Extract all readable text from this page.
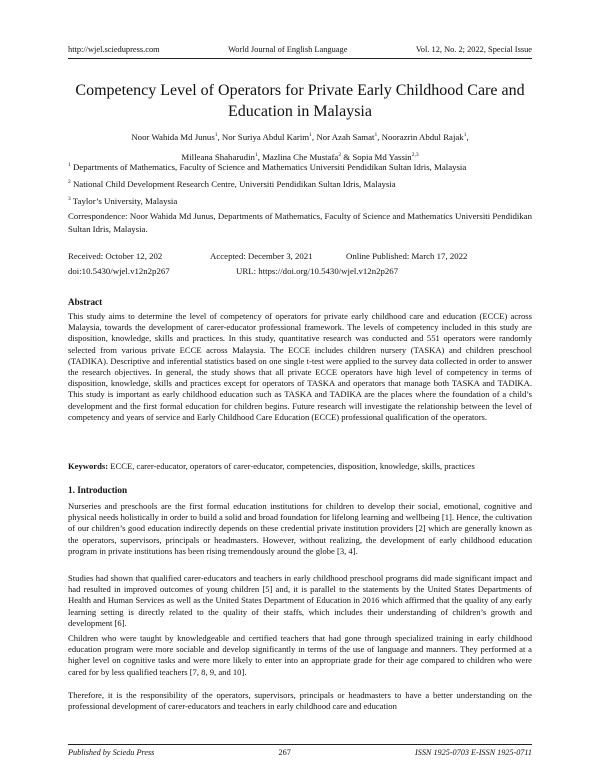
http://wjel.sciedupress.com	World Journal of English Language	Vol. 12, No. 2; 2022, Special Issue
Competency Level of Operators for Private Early Childhood Care and Education in Malaysia
Noor Wahida Md Junus$^1$, Nor Suriya Abdul Karim$^1$, Nor Azah Samat$^1$, Noorazrin Abdul Rajak$^1$,
Milleana Shaharudin$^1$, Mazlina Che Mustafa$^2$ & Sopia Md Yassin$^{2,3}$
$^1$ Departments of Mathematics, Faculty of Science and Mathematics Universiti Pendidikan Sultan Idris, Malaysia
$^2$ National Child Development Research Centre, Universiti Pendidikan Sultan Idris, Malaysia
$^3$ Taylor’s University, Malaysia
Correspondence: Noor Wahida Md Junus, Departments of Mathematics, Faculty of Science and Mathematics Universiti Pendidikan Sultan Idris, Malaysia.
Received: October 12, 202	Accepted: December 3, 2021	Online Published: March 17, 2022
doi:10.5430/wjel.v12n2p267	URL: https://doi.org/10.5430/wjel.v12n2p267
Abstract

This study aims to determine the level of competency of operators for private early childhood care and education (ECCE) across Malaysia, towards the development of carer-educator professional framework. The levels of competency included in this study are disposition, knowledge, skills and practices. In this study, quantitative research was conducted and 551 operators were randomly selected from various private ECCE across Malaysia. The ECCE includes children nursery (TASKA) and children preschool (TADIKA). Descriptive and inferential statistics based on one single t-test were applied to the survey data collected in order to answer the research objectives. In general, the study shows that all private ECCE operators have high level of competency in terms of disposition, knowledge, skills and practices except for operators of TASKA and operators that manage both TASKA and TADIKA. This study is important as early childhood education such as TASKA and TADIKA are the places where the foundation of a child’s development and the first formal education for children begins. Future research will investigate the relationship between the level of competency and years of service and Early Childhood Care Education (ECCE) professional qualification of the operators.

Keywords: ECCE, carer-educator, operators of carer-educator, competencies, disposition, knowledge, skills, practices

1. Introduction

Nurseries and preschools are the first formal education institutions for children to develop their social, emotional, cognitive and physical needs holistically in order to build a solid and broad foundation for lifelong learning and wellbeing [1]. Hence, the cultivation of our children’s good education indirectly depends on these credential private institution providers [2] which are generally known as the operators, supervisors, principals or headmasters. However, without realizing, the development of early childhood education program in private institutions has been rising tremendously around the globe [3, 4].

Studies had shown that qualified carer-educators and teachers in early childhood preschool programs did made significant impact and had resulted in improved outcomes of young children [5] and, it is parallel to the statements by the United States Departments of Health and Human Services as well as the United States Department of Education in 2016 which affirmed that the quality of any early learning setting is directly related to the quality of their staffs, which includes their understanding of children’s growth and development [6].

Children who were taught by knowledgeable and certified teachers that had gone through specialized training in early childhood education program were more sociable and develop significantly in terms of the use of language and manners. They performed at a higher level on cognitive tasks and were more likely to enter into an appropriate grade for their age compared to children who were cared for by less qualified teachers [7, 8, 9, and 10].

Therefore, it is the responsibility of the operators, supervisors, principals or headmasters to have a better understanding on the professional development of carer-educators and teachers in early childhood care and education

Published by Sciedu Press	267	ISSN 1925-0703 E-ISSN 1925-0711
